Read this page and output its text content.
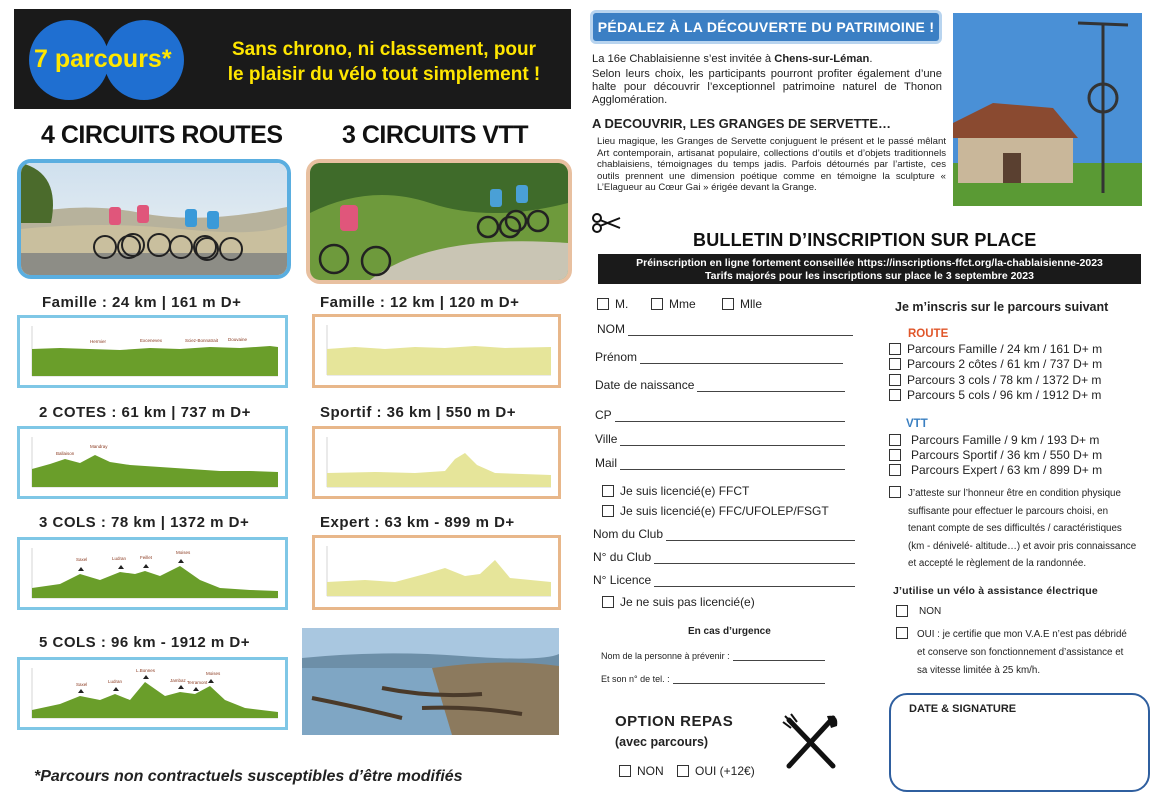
7 parcours*	Sans chrono, ni classement, pour
le plaisir du vélo tout simplement !
4 CIRCUITS ROUTES 3 CIRCUITS VTT
Famille : 24 km | 161 m D+
Hermier	Excenevex	Sciez-Bonnatrait Douvaine
2 COTES : 61 km | 737 m D+
Ballaison
Mandray
3 COLS : 78 km | 1372 m D+
Saxel	Ludran	Feillet
Moises
5 COLS : 96 km - 1912 m D+
Saxel
Ludran
L.Bonnes
Jambaz Terramont
Moises
Famille : 12 km | 120 m D+
Sportif : 36 km | 550 m D+
Expert : 63 km - 899 m D+
*Parcours non contractuels susceptibles d’être modifiés
PÉDALEZ À LA DÉCOUVERTE DU PATRIMOINE !
La 16e Chablaisienne s’est invitée à Chens-sur-Léman.
Selon leurs choix, les participants pourront profiter également d’une halte pour découvrir l’exceptionnel patrimoine naturel de Thonon Agglomération.
A DECOUVRIR, LES GRANGES DE SERVETTE…
Lieu magique, les Granges de Servette conjuguent le présent et le passé mêlant Art contemporain, artisanat populaire, collections d’outils et d’objets traditionnels chablaisiens, témoignages du temps jadis. Parfois détournés par l’artiste, ces outils prennent une dimension poétique comme en témoigne la sculpture « L’Elagueur au Cœur Gai » érigée devant la Grange.
BULLETIN D’INSCRIPTION SUR PLACE
Préinscription en ligne fortement conseillée https://inscriptions-ffct.org/la-chablaisienne-2023
Tarifs majorés pour les inscriptions sur place le 3 septembre 2023
M.	Mme	Mlle
NOM
Prénom
Date de naissance
CP
Ville
Mail
Je suis licencié(e) FFCT
Je suis licencié(e) FFC/UFOLEP/FSGT
Nom du Club
N° du Club
N° Licence
Je ne suis pas licencié(e)
En cas d’urgence
Nom de la personne à prévenir :
Et son n° de tel. :
OPTION REPAS
(avec parcours)
NON	OUI (+12€)
Je m’inscris sur le parcours suivant
ROUTE
Parcours Famille / 24 km / 161 D+ m
Parcours 2 côtes / 61 km / 737 D+ m
Parcours 3 cols / 78 km / 1372 D+ m
Parcours 5 cols / 96 km / 1912 D+ m
VTT
Parcours Famille / 9 km / 193 D+ m
Parcours Sportif / 36 km / 550 D+ m
Parcours Expert / 63 km / 899 D+ m
J’atteste sur l’honneur être en condition physique
suffisante pour effectuer le parcours choisi, en
tenant compte de ses difficultés / caractéristiques
(km - dénivelé- altitude…) et avoir pris connaissance
et accepté le règlement de la randonnée.
J’utilise un vélo à assistance électrique
NON
OUI : je certifie que mon V.A.E n’est pas débridé
et conserve son fonctionnement d’assistance et
sa vitesse limitée à 25 km/h.
DATE & SIGNATURE
